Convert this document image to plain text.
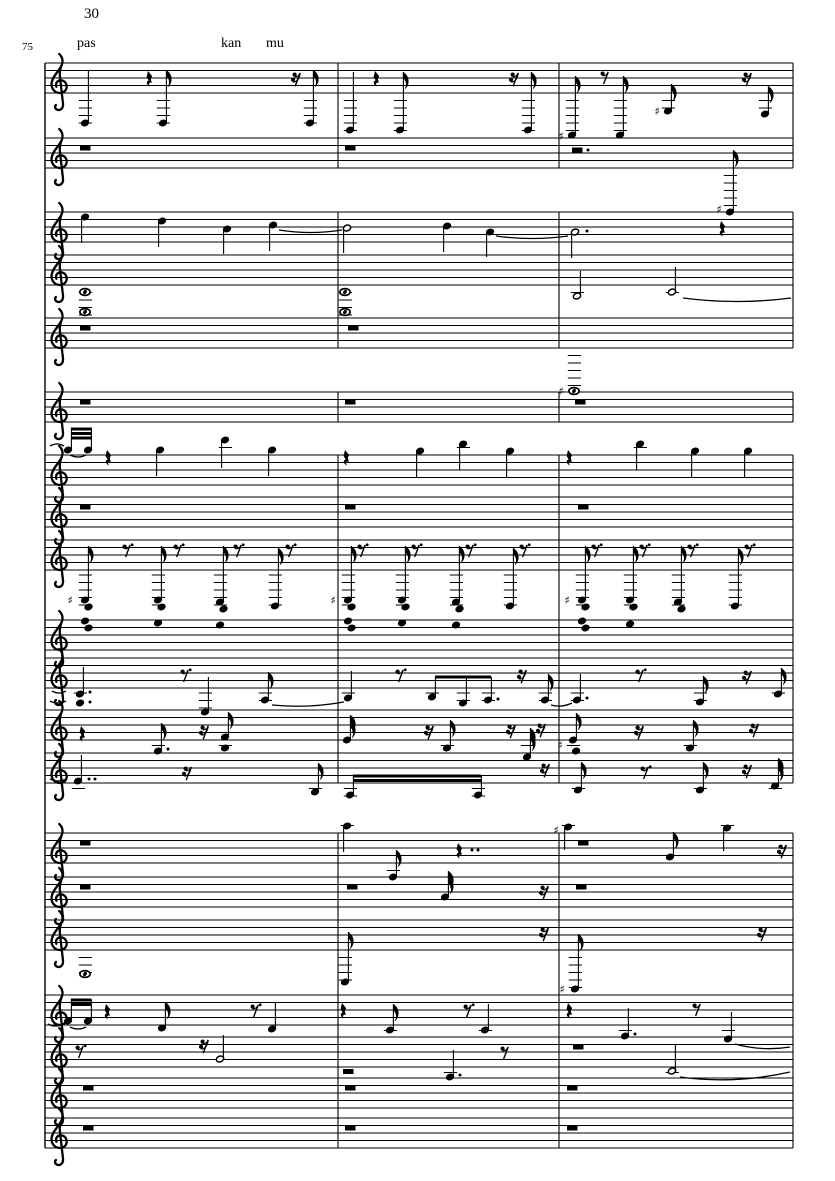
♯
♯
♯
♯
♯	♯	♯
♯
♯
♯
30
75	pas	kan mu
